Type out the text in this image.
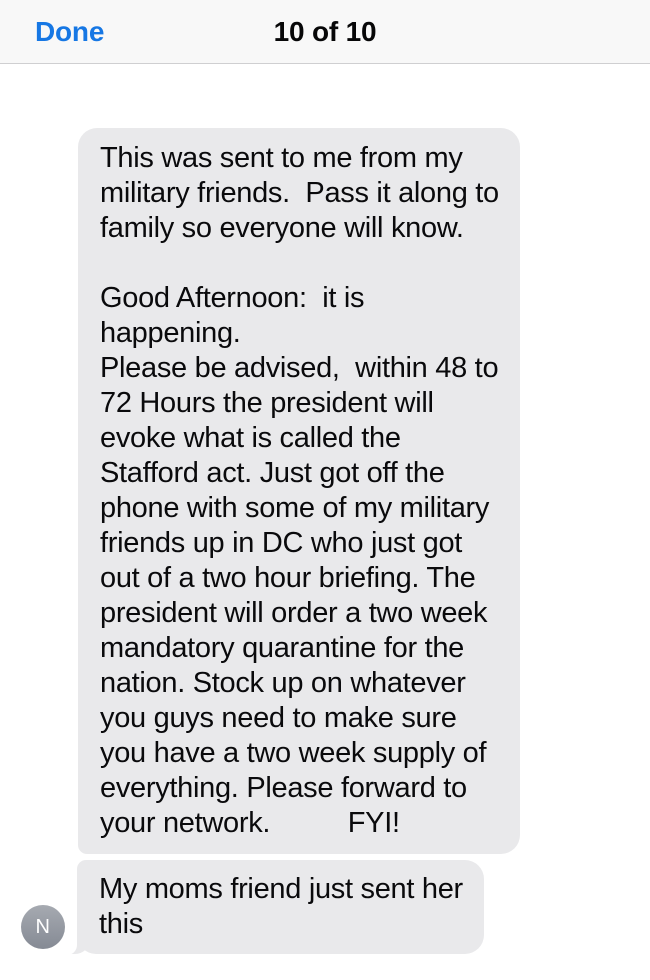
Done	10 of 10
This was sent to me from my
military friends.  Pass it along to
family so everyone will know.

Good Afternoon:  it is
happening.
Please be advised,  within 48 to
72 Hours the president will
evoke what is called the
Stafford act. Just got off the
phone with some of my military
friends up in DC who just got
out of a two hour briefing. The
president will order a two week
mandatory quarantine for the
nation. Stock up on whatever
you guys need to make sure
you have a two week supply of
everything. Please forward to
your network.          FYI!
My moms friend just sent her
this
N
